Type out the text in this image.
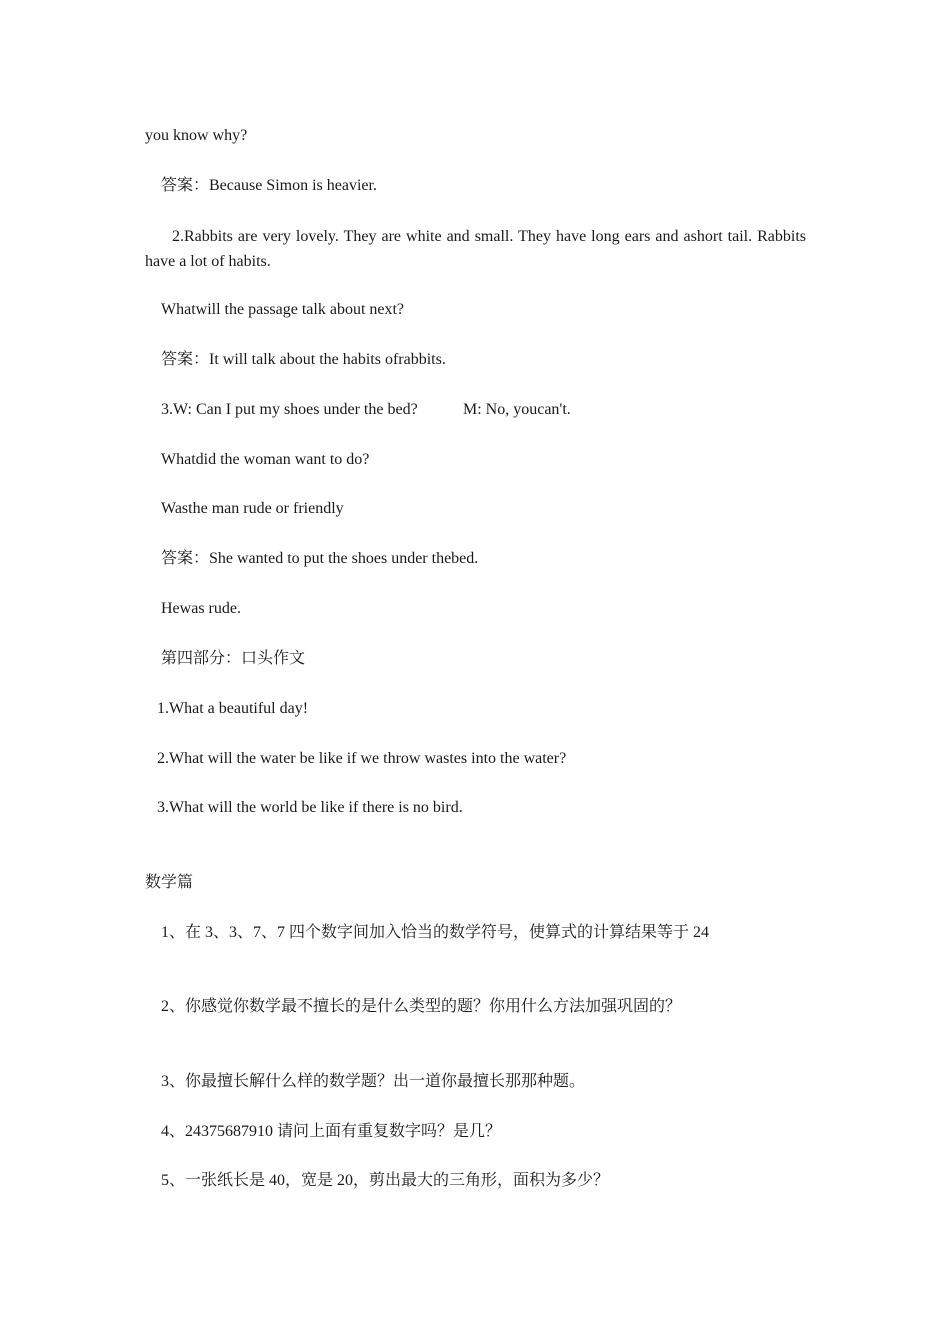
you know why?
答案：Because Simon is heavier.
2.Rabbits are very lovely. They are white and small. They have long ears and ashort tail. Rabbits have a lot of habits.
Whatwill the passage talk about next?
答案：It will talk about the habits ofrabbits.
3.W: Can I put my shoes under the bed?	M: No, youcan't.
Whatdid the woman want to do?
Wasthe man rude or friendly
答案：She wanted to put the shoes under thebed.
Hewas rude.
第四部分：口头作文
1.What a beautiful day!
2.What will the water be like if we throw wastes into the water?
3.What will the world be like if there is no bird.
数学篇
1、在 3、3、7、7 四个数字间加入恰当的数学符号，使算式的计算结果等于 24
2、你感觉你数学最不擅长的是什么类型的题？你用什么方法加强巩固的？
3、你最擅长解什么样的数学题？出一道你最擅长那那种题。
4、24375687910 请问上面有重复数字吗？是几？
5、一张纸长是 40，宽是 20，剪出最大的三角形，面积为多少？
